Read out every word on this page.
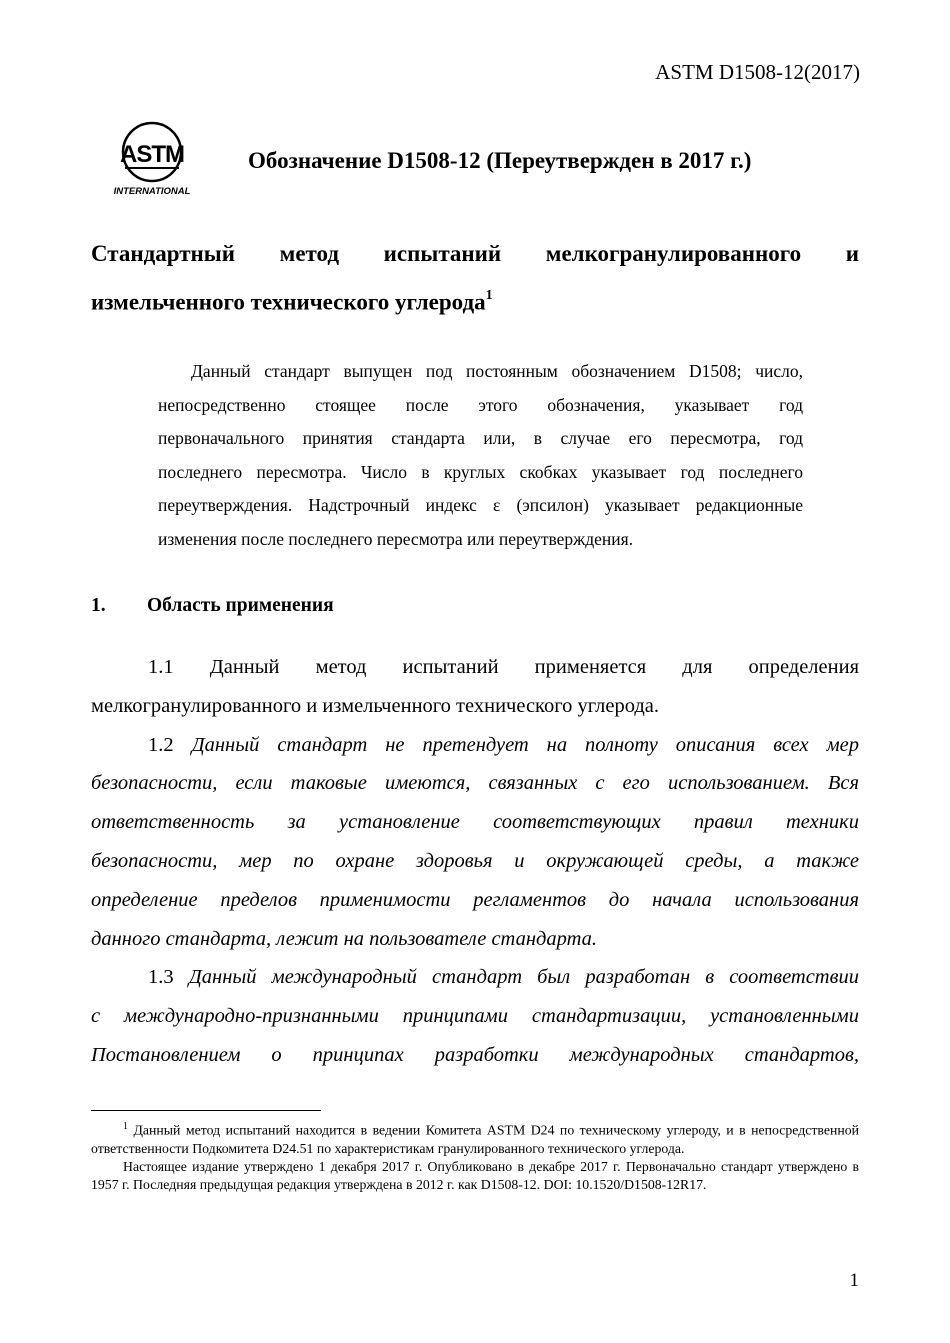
ASTM D1508-12(2017)
ASTM
INTERNATIONAL
Обозначение D1508-12 (Переутвержден в 2017 г.)
Стандартный метод испытаний мелкогранулированного и
измельченного технического углерода$^1$
Данный стандарт выпущен под постоянным обозначением D1508; число,
непосредственно стоящее после этого обозначения, указывает год
первоначального принятия стандарта или, в случае его пересмотра, год
последнего пересмотра. Число в круглых скобках указывает год последнего
переутверждения. Надстрочный индекс ε (эпсилон) указывает редакционные
изменения после последнего пересмотра или переутверждения.
1. Область применения
1.1 Данный метод испытаний применяется для определения
мелкогранулированного и измельченного технического углерода.
1.2 Данный стандарт не претендует на полноту описания всех мер
безопасности, если таковые имеются, связанных с его использованием. Вся
ответственность за установление соответствующих правил техники
безопасности, мер по охране здоровья и окружающей среды, а также
определение пределов применимости регламентов до начала использования
данного стандарта, лежит на пользователе стандарта.
1.3 Данный международный стандарт был разработан в соответствии
с международно-признанными принципами стандартизации, установленными
Постановлением о принципах разработки международных стандартов,

$^1$ Данный метод испытаний находится в ведении Комитета ASTM D24 по техническому углероду, и в непосредственной ответственности Подкомитета D24.51 по характеристикам гранулированного технического углерода.

Настоящее издание утверждено 1 декабря 2017 г. Опубликовано в декабре 2017 г. Первоначально стандарт утверждено в 1957 г. Последняя предыдущая редакция утверждена в 2012 г. как D1508-12. DOI: 10.1520/D1508-12R17.

1
